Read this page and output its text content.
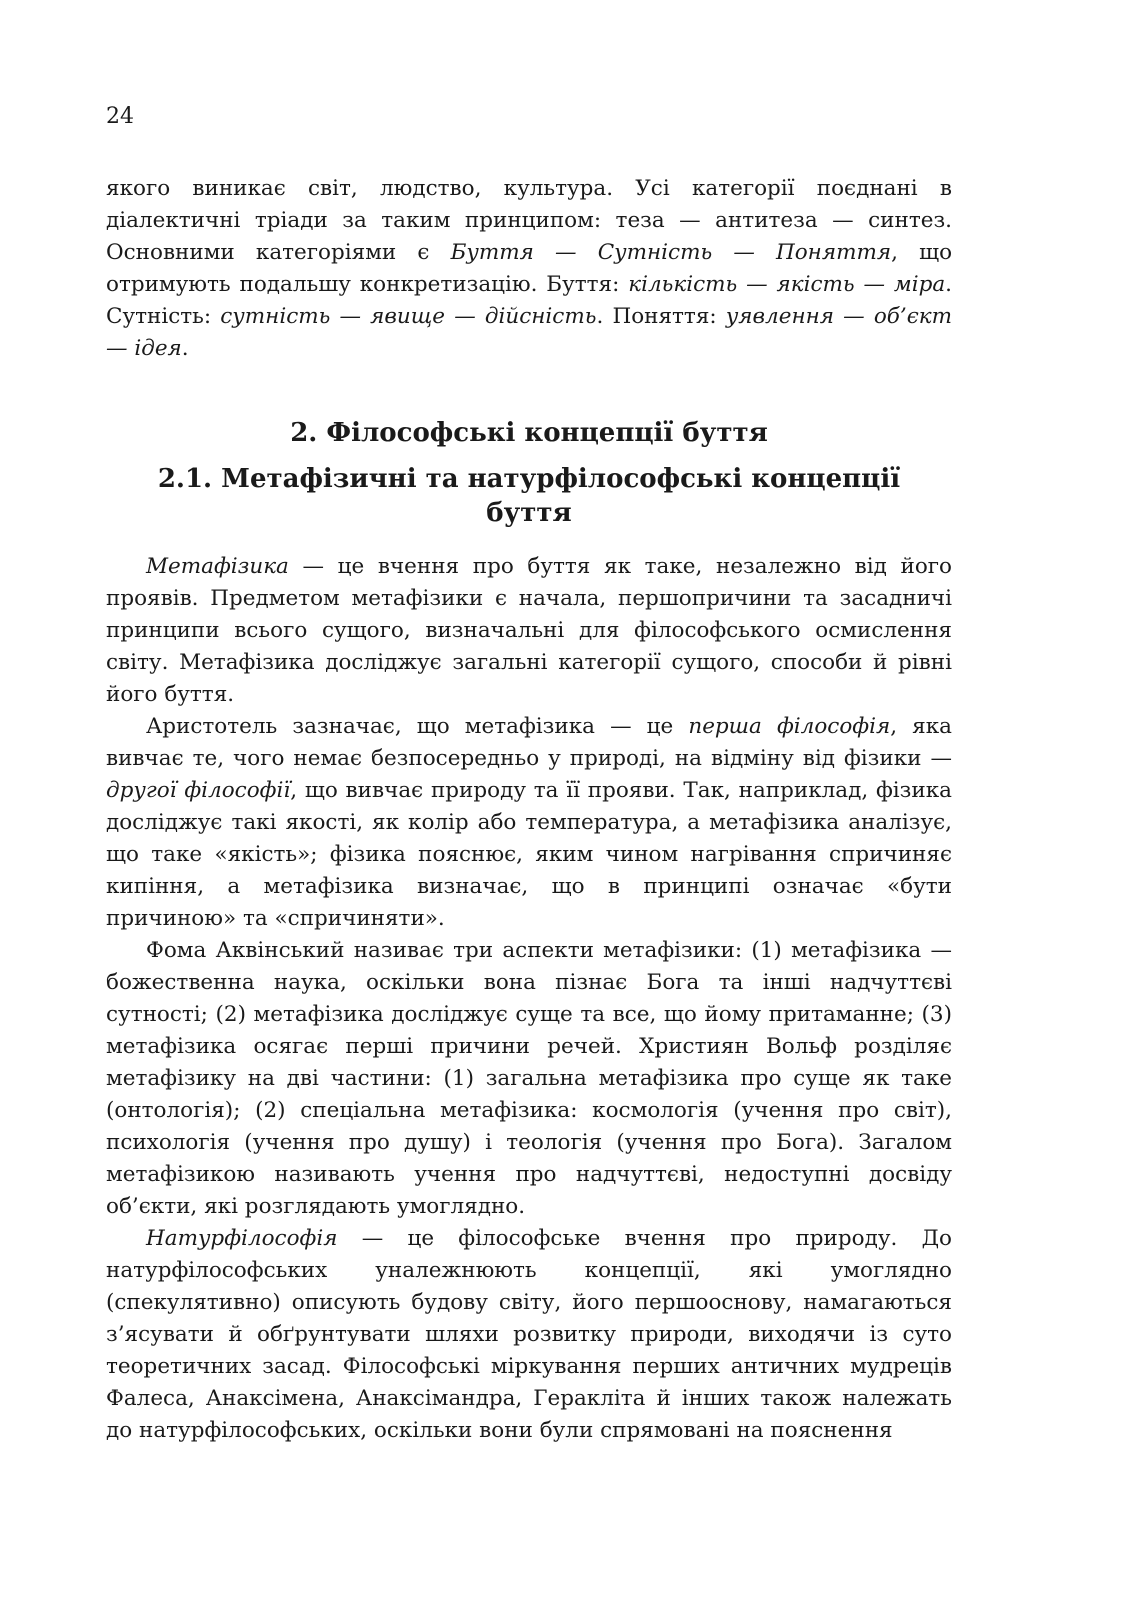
24

якого виникає світ, людство, культура. Усі категорії поєднані в діалектичні тріади за таким принципом: теза — антитеза — синтез. Основними категоріями є Буття — Сутність — Поняття, що отримують подальшу конкретизацію. Буття: кількість — якість — міра. Сутність: сутність — явище — дійсність. Поняття: уявлення — об’єкт — ідея.

2. Філософські концепції буття
2.1. Метафізичні та натурфілософські концепції буття

Метафізика — це вчення про буття як таке, незалежно від його проявів. Предметом метафізики є начала, першопричини та засадничі принципи всього сущого, визначальні для філософського осмислення світу. Метафізика досліджує загальні категорії сущого, способи й рівні його буття.

Аристотель зазначає, що метафізика — це перша філософія, яка вивчає те, чого немає безпосередньо у природі, на відміну від фізики — другої філософії, що вивчає природу та її прояви. Так, наприклад, фізика досліджує такі якості, як колір або температура, а метафізика аналізує, що таке «якість»; фізика пояснює, яким чином нагрівання спричиняє кипіння, а метафізика визначає, що в принципі означає «бути причиною» та «спричиняти».

Фома Аквінський називає три аспекти метафізики: (1) метафізика — божественна наука, оскільки вона пізнає Бога та інші надчуттєві сутності; (2) метафізика досліджує суще та все, що йому притаманне; (3) метафізика осягає перші причини речей. Християн Вольф розділяє метафізику на дві частини: (1) загальна метафізика про суще як таке (онтологія); (2) спеціальна метафізика: космологія (учення про світ), психологія (учення про душу) і теологія (учення про Бога). Загалом метафізикою називають учення про надчуттєві, недоступні досвіду об’єкти, які розглядають умоглядно.

Натурфілософія — це філософське вчення про природу. До натурфілософських уналежнюють концепції, які умоглядно (спекулятивно) описують будову світу, його першооснову, намагаються з’ясувати й обґрунтувати шляхи розвитку природи, виходячи із суто теоретичних засад. Філософські міркування перших античних мудреців Фалеса, Анаксімена, Анаксімандра, Геракліта й інших також належать до натурфілософських, оскільки вони були спрямовані на пояснення
